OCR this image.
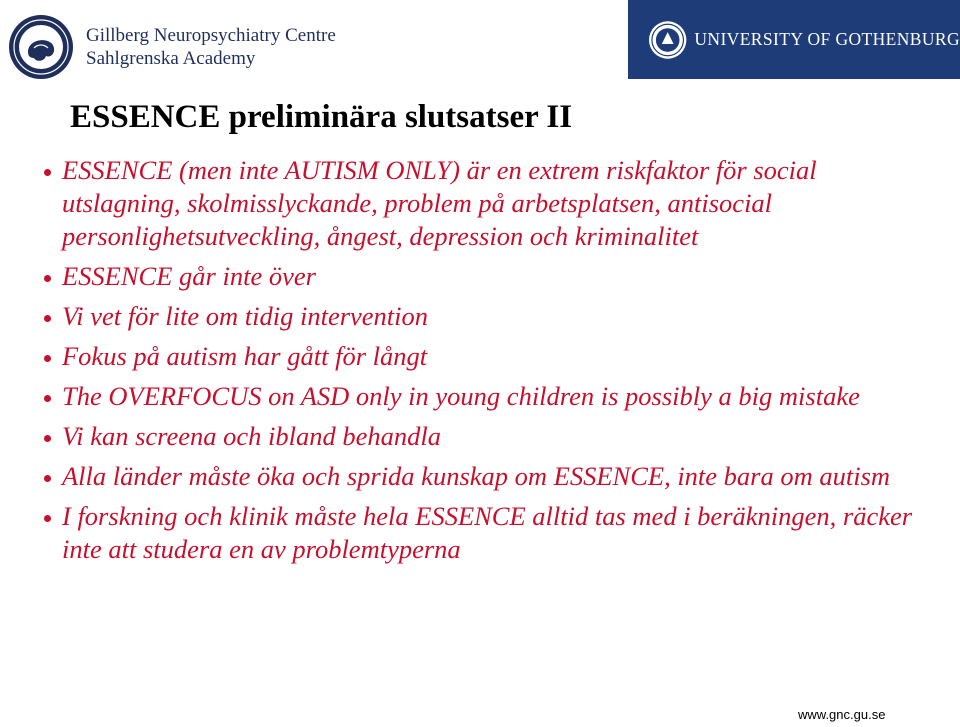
Gillberg Neuropsychiatry Centre
Sahlgrenska Academy
UNIVERSITY OF GOTHENBURG
ESSENCE preliminära slutsatser II
ESSENCE (men inte AUTISM ONLY) är en extrem riskfaktor för social utslagning, skolmisslyckande, problem på arbetsplatsen, antisocial personlighetsutveckling, ångest, depression och kriminalitet
ESSENCE går inte över
Vi vet för lite om tidig intervention
Fokus på autism har gått för långt
The OVERFOCUS on ASD only in young children is possibly a big mistake
Vi kan screena och ibland behandla
Alla länder måste öka och sprida kunskap om ESSENCE, inte bara om autism
I forskning och klinik måste hela ESSENCE alltid tas med i beräkningen, räcker inte att studera en av problemtyperna
www.gnc.gu.se
